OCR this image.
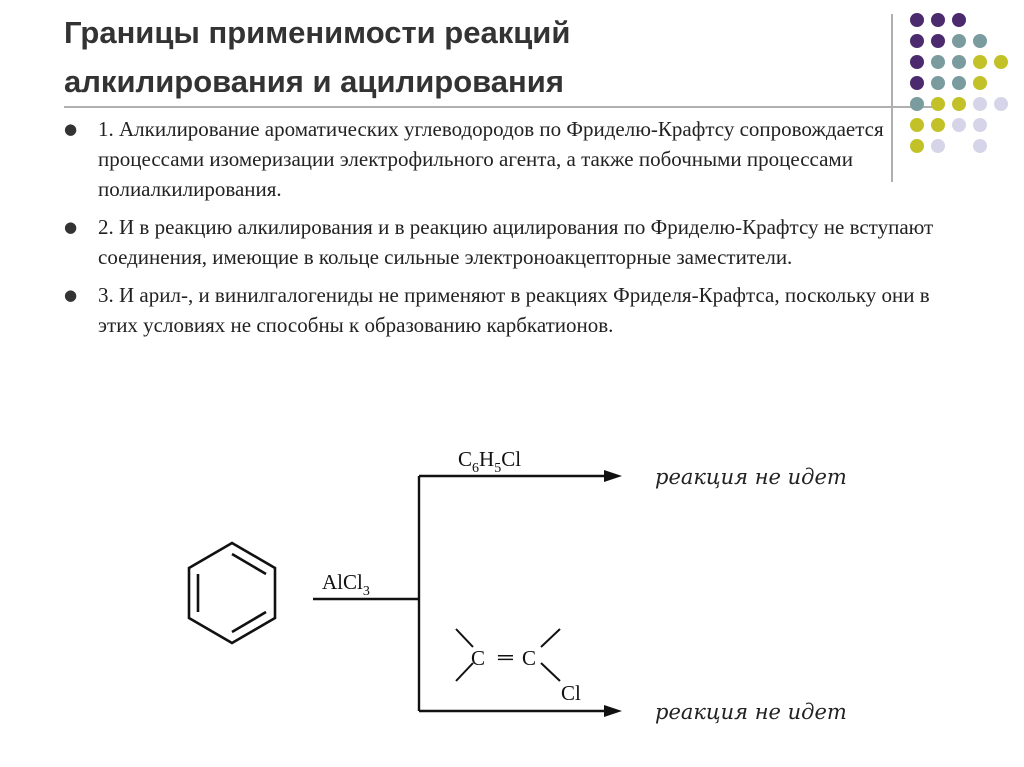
Границы применимости реакций
алкилирования и ацилирования
● 1. Алкилирование ароматических углеводородов по Фриделю-Крафтсу сопровождается процессами изомеризации электрофильного агента, а также побочными процессами полиалкилирования.
● 2. И в реакцию алкилирования и в реакцию ацилирования по Фриделю-Крафтсу не вступают соединения, имеющие в кольце сильные электроноакцепторные заместители.
● 3. И арил-, и винилгалогениды не применяют в реакциях Фриделя-Крафтса, поскольку они в этих условиях не способны к образованию карбкатионов.
AlCl$_3$
$C_6H_5Cl$
C ═ C
Cl
реакция не идет
реакция не идет
